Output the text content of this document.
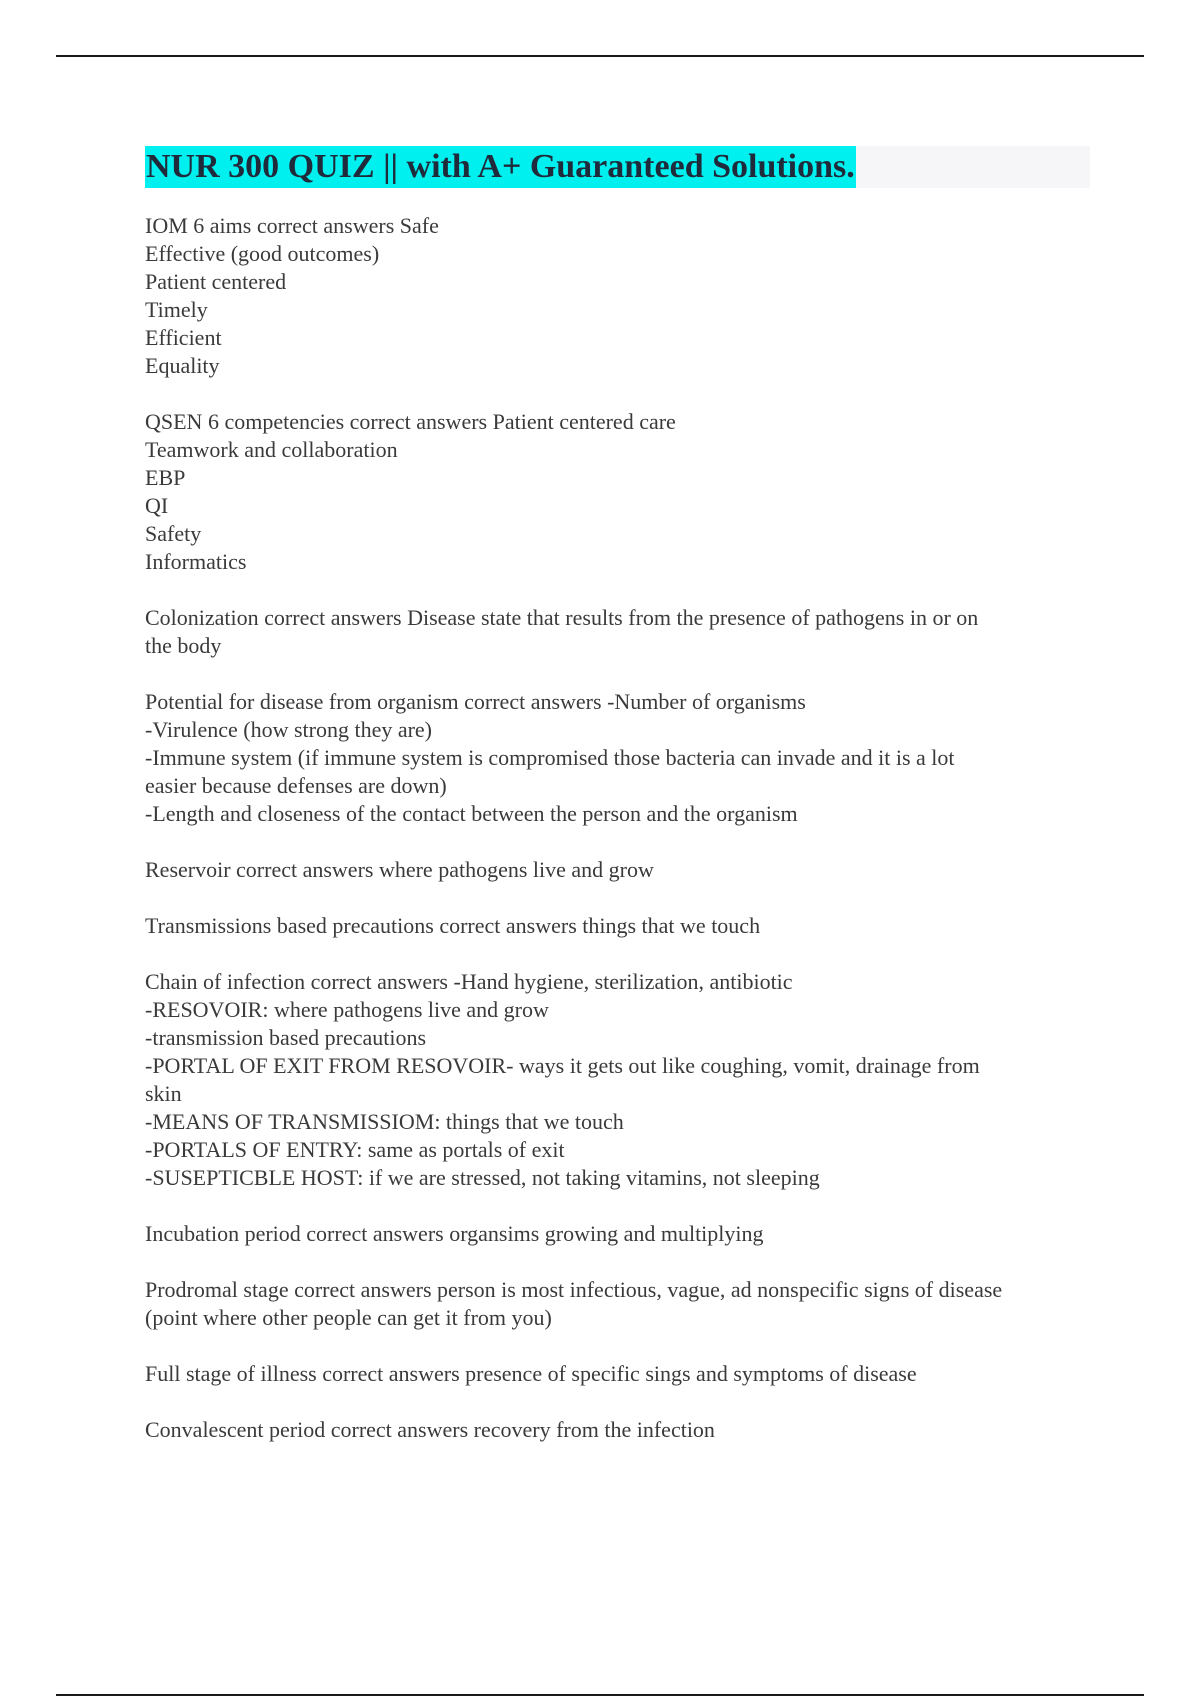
NUR 300 QUIZ || with A+ Guaranteed Solutions.
IOM 6 aims correct answers Safe
Effective (good outcomes)
Patient centered
Timely
Efficient
Equality
QSEN 6 competencies correct answers Patient centered care
Teamwork and collaboration
EBP
QI
Safety
Informatics
Colonization correct answers Disease state that results from the presence of pathogens in or on
the body
Potential for disease from organism correct answers -Number of organisms
-Virulence (how strong they are)
-Immune system (if immune system is compromised those bacteria can invade and it is a lot
easier because defenses are down)
-Length and closeness of the contact between the person and the organism
Reservoir correct answers where pathogens live and grow
Transmissions based precautions correct answers things that we touch
Chain of infection correct answers -Hand hygiene, sterilization, antibiotic
-RESOVOIR: where pathogens live and grow
-transmission based precautions
-PORTAL OF EXIT FROM RESOVOIR- ways it gets out like coughing, vomit, drainage from
skin
-MEANS OF TRANSMISSIOM: things that we touch
-PORTALS OF ENTRY: same as portals of exit
-SUSEPTICBLE HOST: if we are stressed, not taking vitamins, not sleeping
Incubation period correct answers organsims growing and multiplying
Prodromal stage correct answers person is most infectious, vague, ad nonspecific signs of disease
(point where other people can get it from you)
Full stage of illness correct answers presence of specific sings and symptoms of disease
Convalescent period correct answers recovery from the infection
